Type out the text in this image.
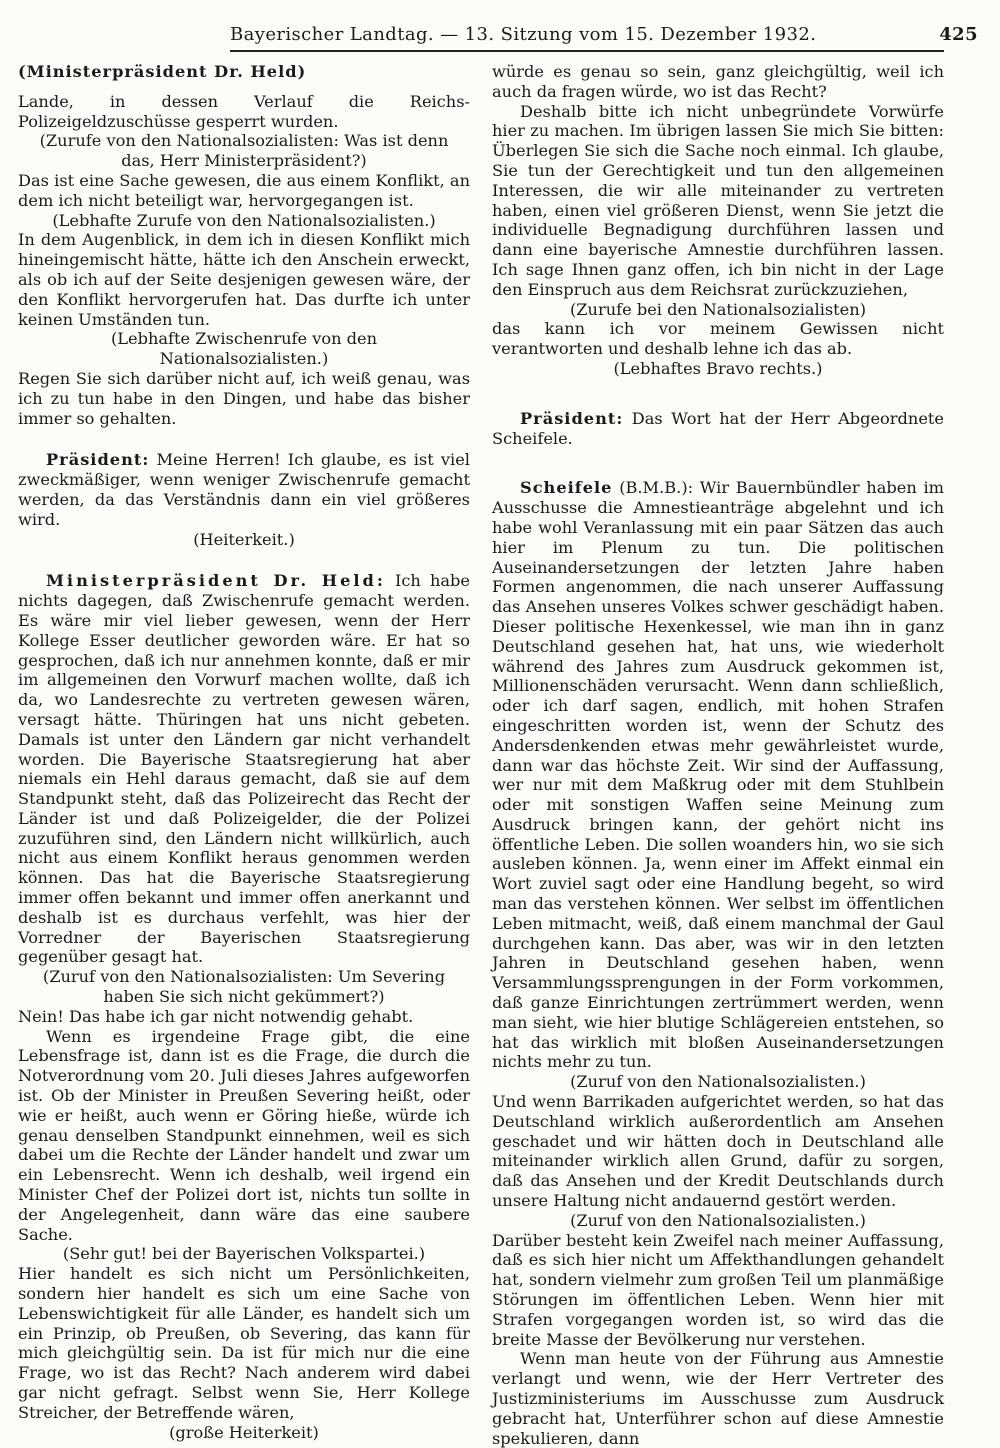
Bayerischer Landtag. — 13. Sitzung vom 15. Dezember 1932.	425

(Ministerpräsident Dr. Held)

Lande, in dessen Verlauf die Reichs-Polizeigeldzuschüsse gesperrt wurden.

(Zurufe von den Nationalsozialisten: Was ist denn das, Herr Ministerpräsident?)

Das ist eine Sache gewesen, die aus einem Konflikt, an dem ich nicht beteiligt war, hervorgegangen ist.

(Lebhafte Zurufe von den Nationalsozialisten.)

In dem Augenblick, in dem ich in diesen Konflikt mich hineingemischt hätte, hätte ich den Anschein erweckt, als ob ich auf der Seite desjenigen gewesen wäre, der den Konflikt hervorgerufen hat. Das durfte ich unter keinen Umständen tun.

(Lebhafte Zwischenrufe von den Nationalsozialisten.)

Regen Sie sich darüber nicht auf, ich weiß genau, was ich zu tun habe in den Dingen, und habe das bisher immer so gehalten.

Präsident: Meine Herren! Ich glaube, es ist viel zweckmäßiger, wenn weniger Zwischenrufe gemacht werden, da das Verständnis dann ein viel größeres wird.

(Heiterkeit.)

Ministerpräsident Dr. Held: Ich habe nichts dagegen, daß Zwischenrufe gemacht werden. Es wäre mir viel lieber gewesen, wenn der Herr Kollege Esser deutlicher geworden wäre. Er hat so gesprochen, daß ich nur annehmen konnte, daß er mir im allgemeinen den Vorwurf machen wollte, daß ich da, wo Landesrechte zu vertreten gewesen wären, versagt hätte. Thüringen hat uns nicht gebeten. Damals ist unter den Ländern gar nicht verhandelt worden. Die Bayerische Staatsregierung hat aber niemals ein Hehl daraus gemacht, daß sie auf dem Standpunkt steht, daß das Polizeirecht das Recht der Länder ist und daß Polizeigelder, die der Polizei zuzuführen sind, den Ländern nicht willkürlich, auch nicht aus einem Konflikt heraus genommen werden können. Das hat die Bayerische Staatsregierung immer offen bekannt und immer offen anerkannt und deshalb ist es durchaus verfehlt, was hier der Vorredner der Bayerischen Staatsregierung gegenüber gesagt hat.

(Zuruf von den Nationalsozialisten: Um Severing haben Sie sich nicht gekümmert?)

Nein! Das habe ich gar nicht notwendig gehabt.

Wenn es irgendeine Frage gibt, die eine Lebensfrage ist, dann ist es die Frage, die durch die Notverordnung vom 20. Juli dieses Jahres aufgeworfen ist. Ob der Minister in Preußen Severing heißt, oder wie er heißt, auch wenn er Göring hieße, würde ich genau denselben Standpunkt einnehmen, weil es sich dabei um die Rechte der Länder handelt und zwar um ein Lebensrecht. Wenn ich deshalb, weil irgend ein Minister Chef der Polizei dort ist, nichts tun sollte in der Angelegenheit, dann wäre das eine saubere Sache.

(Sehr gut! bei der Bayerischen Volkspartei.)

Hier handelt es sich nicht um Persönlichkeiten, sondern hier handelt es sich um eine Sache von Lebenswichtigkeit für alle Länder, es handelt sich um ein Prinzip, ob Preußen, ob Severing, das kann für mich gleichgültig sein. Da ist für mich nur die eine Frage, wo ist das Recht? Nach anderem wird dabei gar nicht gefragt. Selbst wenn Sie, Herr Kollege Streicher, der Betreffende wären,

(große Heiterkeit)

würde es genau so sein, ganz gleichgültig, weil ich auch da fragen würde, wo ist das Recht?

Deshalb bitte ich nicht unbegründete Vorwürfe hier zu machen. Im übrigen lassen Sie mich Sie bitten: Überlegen Sie sich die Sache noch einmal. Ich glaube, Sie tun der Gerechtigkeit und tun den allgemeinen Interessen, die wir alle miteinander zu vertreten haben, einen viel größeren Dienst, wenn Sie jetzt die individuelle Begnadigung durchführen lassen und dann eine bayerische Amnestie durchführen lassen. Ich sage Ihnen ganz offen, ich bin nicht in der Lage den Einspruch aus dem Reichsrat zurückzuziehen,

(Zurufe bei den Nationalsozialisten)

das kann ich vor meinem Gewissen nicht verantworten und deshalb lehne ich das ab.

(Lebhaftes Bravo rechts.)

Präsident: Das Wort hat der Herr Abgeordnete Scheifele.

Scheifele (B.M.B.): Wir Bauernbündler haben im Ausschusse die Amnestieanträge abgelehnt und ich habe wohl Veranlassung mit ein paar Sätzen das auch hier im Plenum zu tun. Die politischen Auseinandersetzungen der letzten Jahre haben Formen angenommen, die nach unserer Auffassung das Ansehen unseres Volkes schwer geschädigt haben. Dieser politische Hexenkessel, wie man ihn in ganz Deutschland gesehen hat, hat uns, wie wiederholt während des Jahres zum Ausdruck gekommen ist, Millionenschäden verursacht. Wenn dann schließlich, oder ich darf sagen, endlich, mit hohen Strafen eingeschritten worden ist, wenn der Schutz des Andersdenkenden etwas mehr gewährleistet wurde, dann war das höchste Zeit. Wir sind der Auffassung, wer nur mit dem Maßkrug oder mit dem Stuhlbein oder mit sonstigen Waffen seine Meinung zum Ausdruck bringen kann, der gehört nicht ins öffentliche Leben. Die sollen woanders hin, wo sie sich ausleben können. Ja, wenn einer im Affekt einmal ein Wort zuviel sagt oder eine Handlung begeht, so wird man das verstehen können. Wer selbst im öffentlichen Leben mitmacht, weiß, daß einem manchmal der Gaul durchgehen kann. Das aber, was wir in den letzten Jahren in Deutschland gesehen haben, wenn Versammlungssprengungen in der Form vorkommen, daß ganze Einrichtungen zertrümmert werden, wenn man sieht, wie hier blutige Schlägereien entstehen, so hat das wirklich mit bloßen Auseinandersetzungen nichts mehr zu tun.

(Zuruf von den Nationalsozialisten.)

Und wenn Barrikaden aufgerichtet werden, so hat das Deutschland wirklich außerordentlich am Ansehen geschadet und wir hätten doch in Deutschland alle miteinander wirklich allen Grund, dafür zu sorgen, daß das Ansehen und der Kredit Deutschlands durch unsere Haltung nicht andauernd gestört werden.

(Zuruf von den Nationalsozialisten.)

Darüber besteht kein Zweifel nach meiner Auffassung, daß es sich hier nicht um Affekthandlungen gehandelt hat, sondern vielmehr zum großen Teil um planmäßige Störungen im öffentlichen Leben. Wenn hier mit Strafen vorgegangen worden ist, so wird das die breite Masse der Bevölkerung nur verstehen.

Wenn man heute von der Führung aus Amnestie verlangt und wenn, wie der Herr Vertreter des Justizministeriums im Ausschusse zum Ausdruck gebracht hat, Unterführer schon auf diese Amnestie spekulieren, dann
